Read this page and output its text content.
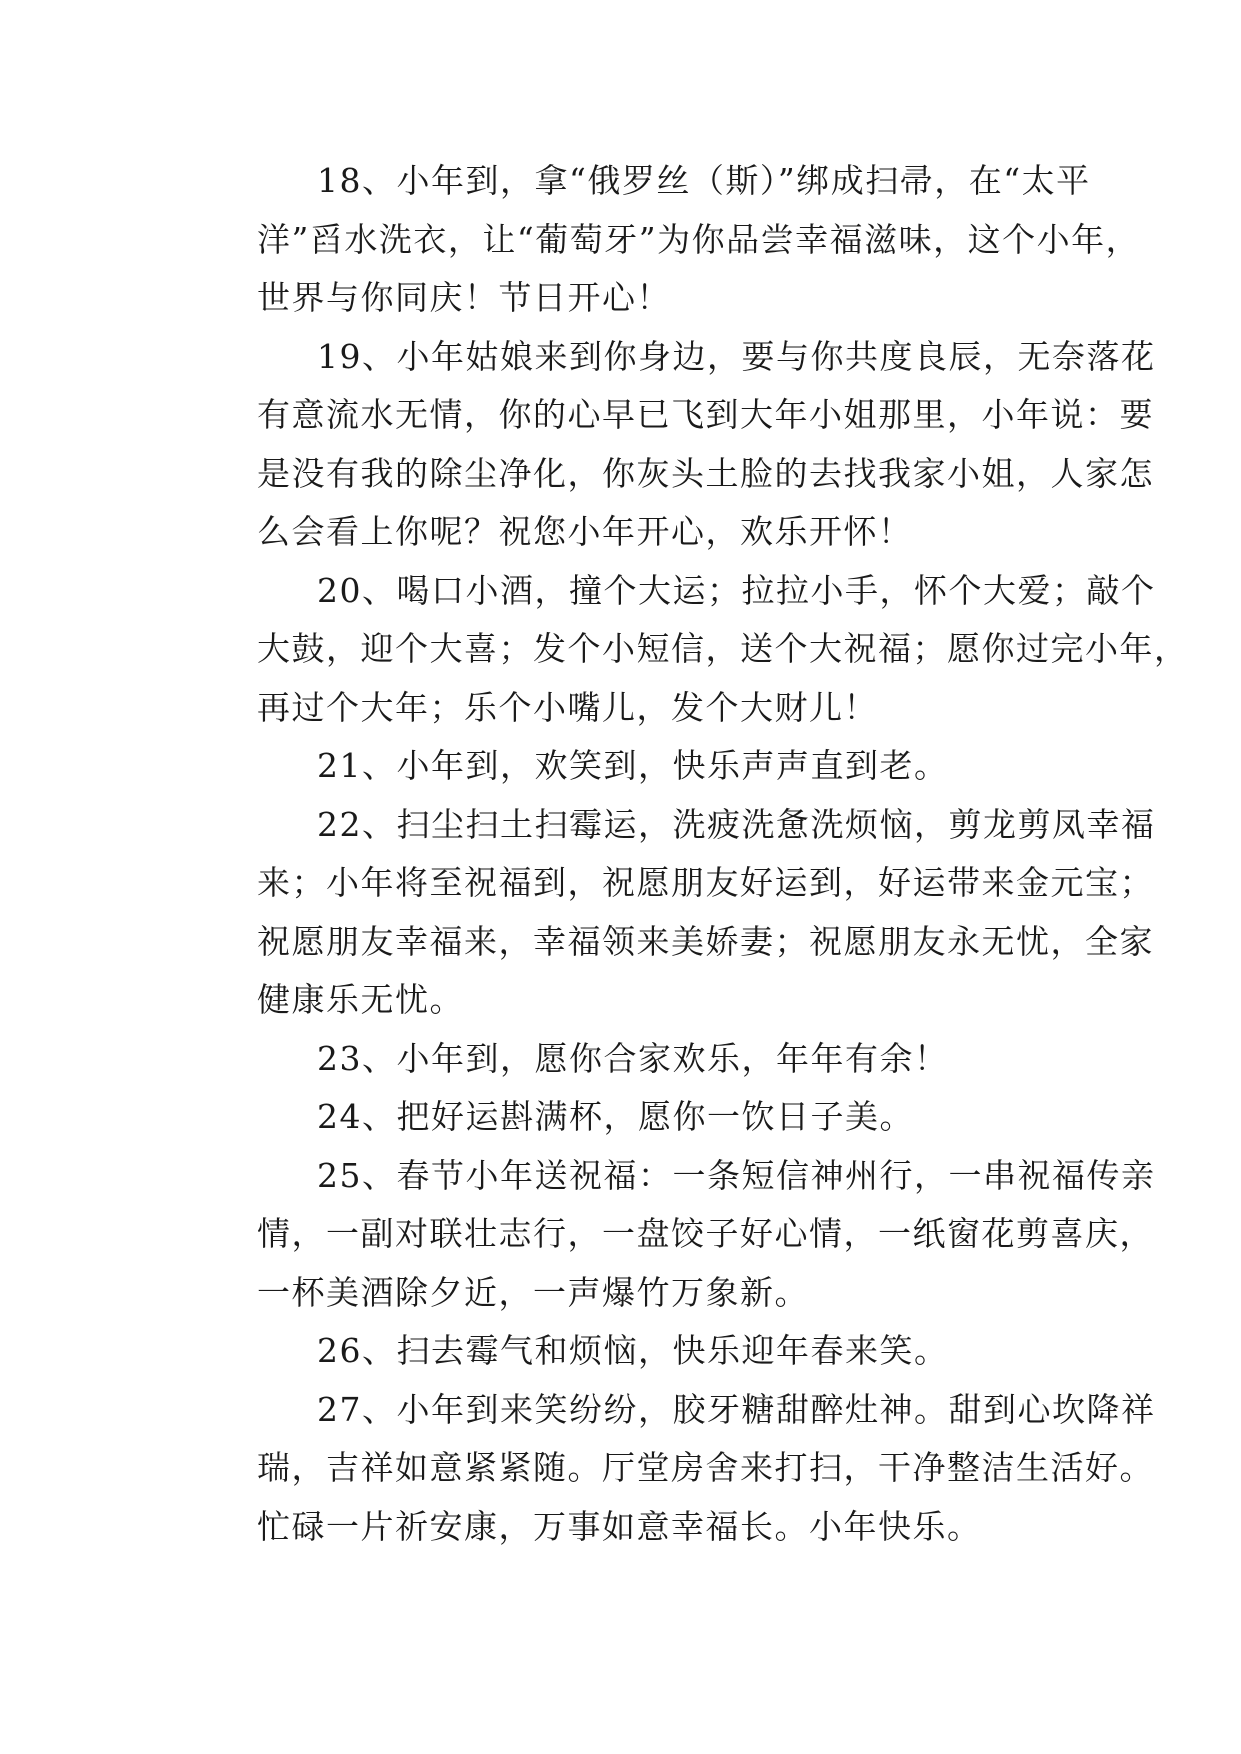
18、小年到，拿“俄罗丝（斯）”绑成扫帚，在“太平
洋”舀水洗衣，让“葡萄牙”为你品尝幸福滋味，这个小年，
世界与你同庆！节日开心！

19、小年姑娘来到你身边，要与你共度良辰，无奈落花
有意流水无情，你的心早已飞到大年小姐那里，小年说：要
是没有我的除尘净化，你灰头土脸的去找我家小姐，人家怎
么会看上你呢？祝您小年开心，欢乐开怀！

20、喝口小酒，撞个大运；拉拉小手，怀个大爱；敲个
大鼓，迎个大喜；发个小短信，送个大祝福；愿你过完小年，
再过个大年；乐个小嘴儿，发个大财儿！

21、小年到，欢笑到，快乐声声直到老。

22、扫尘扫土扫霉运，洗疲洗惫洗烦恼，剪龙剪凤幸福
来；小年将至祝福到，祝愿朋友好运到，好运带来金元宝；
祝愿朋友幸福来，幸福领来美娇妻；祝愿朋友永无忧，全家
健康乐无忧。

23、小年到，愿你合家欢乐，年年有余！

24、把好运斟满杯，愿你一饮日子美。

25、春节小年送祝福：一条短信神州行，一串祝福传亲
情，一副对联壮志行，一盘饺子好心情，一纸窗花剪喜庆，
一杯美酒除夕近，一声爆竹万象新。

26、扫去霉气和烦恼，快乐迎年春来笑。

27、小年到来笑纷纷，胶牙糖甜醉灶神。甜到心坎降祥
瑞，吉祥如意紧紧随。厅堂房舍来打扫，干净整洁生活好。
忙碌一片祈安康，万事如意幸福长。小年快乐。
